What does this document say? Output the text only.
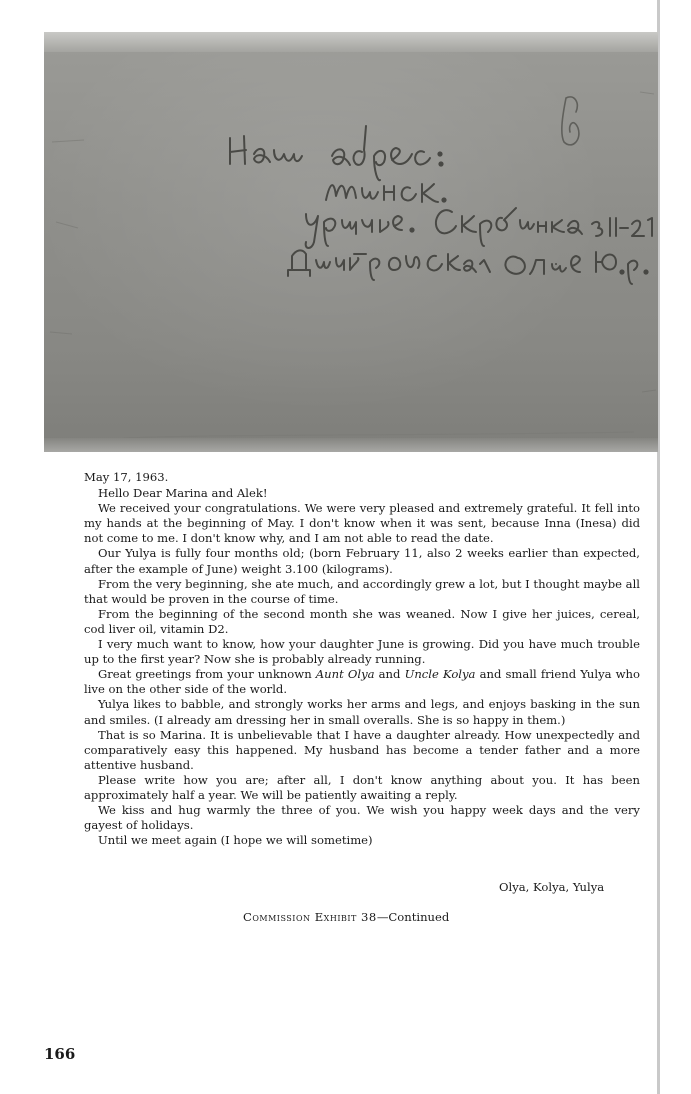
May 17, 1963.

Hello Dear Marina and Alek!

We received your congratulations. We were very pleased and extremely grateful. It fell into my hands at the beginning of May. I don't know when it was sent, because Inna (Inesa) did not come to me. I don't know why, and I am not able to read the date.

Our Yulya is fully four months old; (born February 11, also 2 weeks earlier than expected, after the example of June) weight 3.100 (kilograms).

From the very beginning, she ate much, and accordingly grew a lot, but I thought maybe all that would be proven in the course of time.

From the beginning of the second month she was weaned. Now I give her juices, cereal, cod liver oil, vitamin D2.

I very much want to know, how your daughter June is growing. Did you have much trouble up to the first year? Now she is probably already running.

Great greetings from your unknown Aunt Olya and Uncle Kolya and small friend Yulya who live on the other side of the world.

Yulya likes to babble, and strongly works her arms and legs, and enjoys basking in the sun and smiles. (I already am dressing her in small overalls. She is so happy in them.)

That is so Marina. It is unbelievable that I have a daughter already. How unexpectedly and comparatively easy this happened. My husband has become a tender father and a more attentive husband.

Please write how you are; after all, I don't know anything about you. It has been approximately half a year. We will be patiently awaiting a reply.

We kiss and hug warmly the three of you. We wish you happy week days and the very gayest of holidays.

Until we meet again (I hope we will sometime)

Olya, Kolya, Yulya
Commission Exhibit 38—Continued
166
